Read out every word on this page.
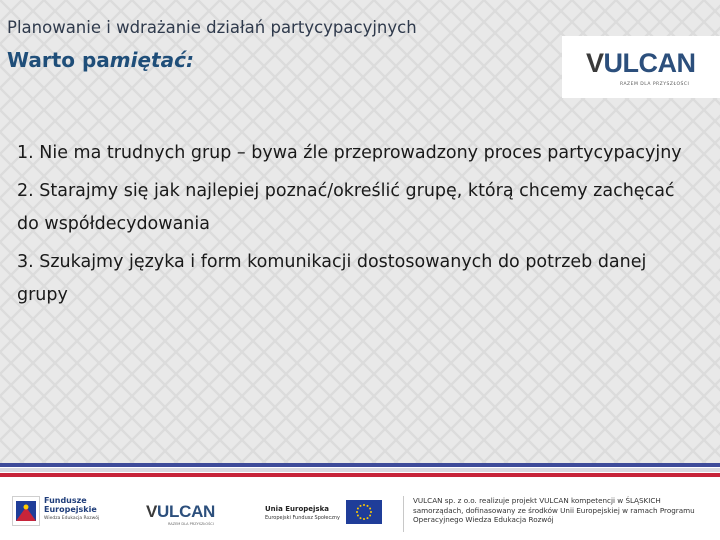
Planowanie i wdrażanie działań partycypacyjnych
Warto pamiętać:	VULCAN
RAZEM DLA PRZYSZŁOŚCI

1. Nie ma trudnych grup – bywa źle przeprowadzony proces partycypacyjny

2. Starajmy się jak najlepiej poznać/określić grupę, którą chcemy zachęcać do współdecydowania

3. Szukajmy języka i form komunikacji dostosowanych do potrzeb danej grupy

Fundusze
Europejskie
Wiedza Edukacja Rozwój	VULCAN
RAZEM DLA PRZYSZŁOŚCI
Unia Europejska
Europejski Fundusz Społeczny
VULCAN sp. z o.o. realizuje projekt VULCAN kompetencji w ŚLĄSKICH samorządach, dofinasowany ze środków Unii Europejskiej w ramach Programu Operacyjnego Wiedza Edukacja Rozwój
